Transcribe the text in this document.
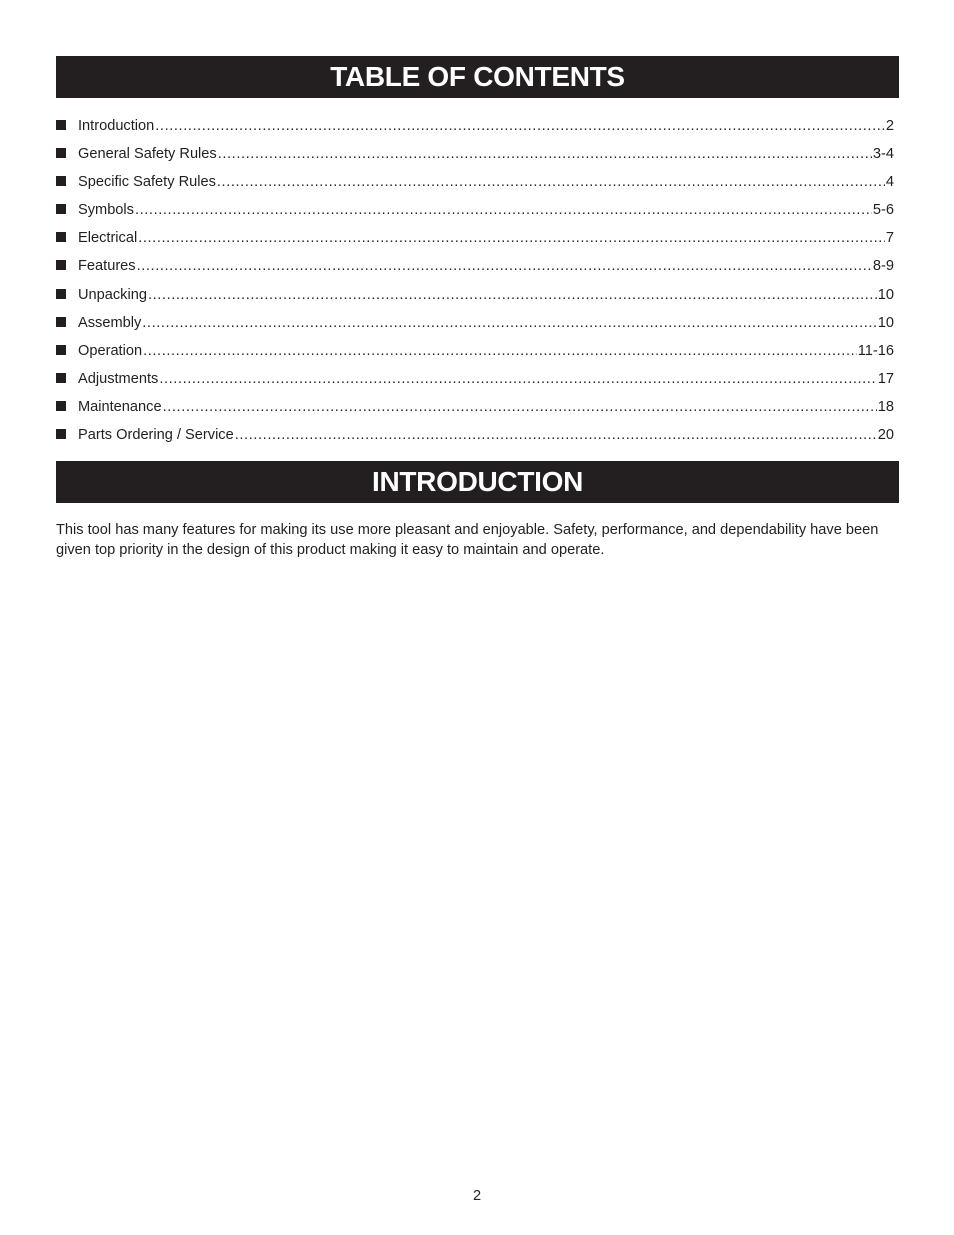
TABLE OF CONTENTS
Introduction .....	2
General Safety Rules .....	3-4
Specific Safety Rules .....	4
Symbols .....	5-6
Electrical .....	7
Features .....	8-9
Unpacking .....	10
Assembly .....	10
Operation .....	11-16
Adjustments .....	17
Maintenance .....	18
Parts Ordering / Service .....	20
INTRODUCTION

This tool has many features for making its use more pleasant and enjoyable. Safety, performance, and dependability have been given top priority in the design of this product making it easy to maintain and operate.

2
